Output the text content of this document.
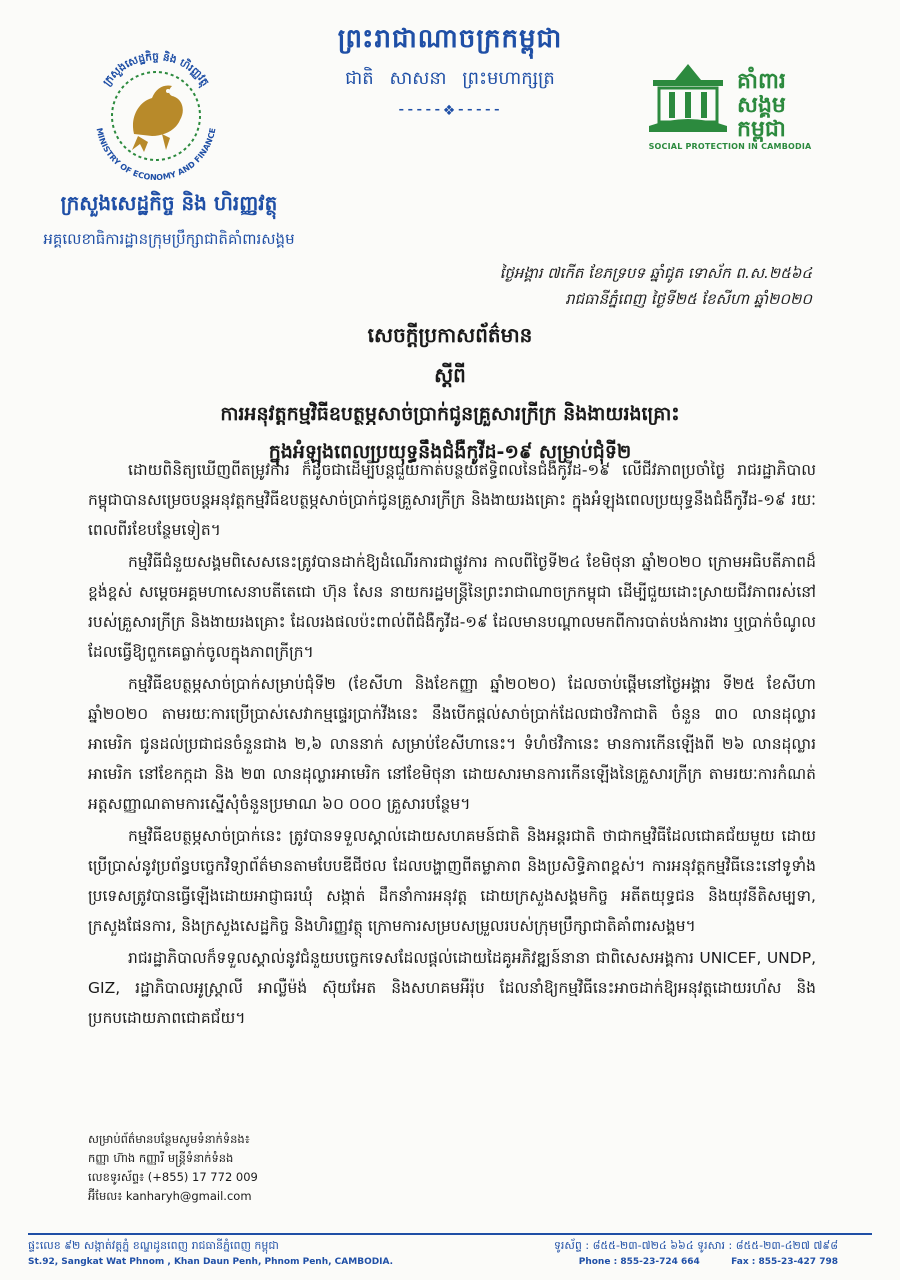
ព្រះរាជាណាចក្រកម្ពុជា
ជាតិ សាសនា ព្រះមហាក្សត្រ
⁃⁃⁃⁃⁃❖⁃⁃⁃⁃⁃
ក្រសួងសេដ្ឋកិច្ច និង ហិរញ្ញវត្ថុ
MINISTRY OF ECONOMY AND FINANCE
ក្រសួងសេដ្ឋកិច្ច និង ហិរញ្ញវត្ថុ
អគ្គលេខាធិការដ្ឋានក្រុមប្រឹក្សាជាតិគាំពារសង្គម
គាំពារ
សង្គម
កម្ពុជា
SOCIAL PROTECTION IN CAMBODIA
ថ្ងៃអង្គារ ៧កើត ខែភទ្របទ ឆ្នាំជូត ទោស័ក ព.ស.២៥៦៤
រាជធានីភ្នំពេញ ថ្ងៃទី២៥ ខែសីហា ឆ្នាំ២០២០
សេចក្តីប្រកាសព័ត៌មាន
ស្តីពី
ការអនុវត្តកម្មវិធីឧបត្ថម្ភសាច់ប្រាក់ជូនគ្រួសារក្រីក្រ និងងាយរងគ្រោះ
ក្នុងអំឡុងពេលប្រយុទ្ធនឹងជំងឺកូវីដ-១៩ សម្រាប់ជុំទី២

ដោយពិនិត្យឃើញពីតម្រូវការ ក៏ដូចជាដើម្បីបន្តជួយកាត់បន្ថយឥទ្ធិពលនៃជំងឺកូវីដ-១៩ លើជីវភាពប្រចាំថ្ងៃ រាជរដ្ឋាភិបាលកម្ពុជាបានសម្រេចបន្តអនុវត្តកម្មវិធីឧបត្ថម្ភសាច់ប្រាក់ជូនគ្រួសារក្រីក្រ និងងាយរងគ្រោះ ក្នុងអំឡុងពេលប្រយុទ្ធនឹងជំងឺកូវីដ-១៩ រយៈពេលពីរខែបន្ថែមទៀត។

កម្មវិធីជំនួយសង្គមពិសេសនេះត្រូវបានដាក់ឱ្យដំណើរការជាផ្លូវការ កាលពីថ្ងៃទី២៤ ខែមិថុនា ឆ្នាំ២០២០ ក្រោមអធិបតីភាពដ៏ខ្ពង់ខ្ពស់ សម្តេចអគ្គមហាសេនាបតីតេជោ ហ៊ុន សែន នាយករដ្ឋមន្ត្រីនៃព្រះរាជាណាចក្រកម្ពុជា ដើម្បីជួយដោះស្រាយជីវភាពរស់នៅរបស់គ្រួសារក្រីក្រ និងងាយរងគ្រោះ ដែលរងផលប៉ះពាល់ពីជំងឺកូវីដ-១៩ ដែលមានបណ្តាលមកពីការបាត់បង់ការងារ ឬប្រាក់ចំណូល ដែលធ្វើឱ្យពួកគេធ្លាក់ចូលក្នុងភាពក្រីក្រ។

កម្មវិធីឧបត្ថម្ភសាច់ប្រាក់សម្រាប់ជុំទី២ (ខែសីហា និងខែកញ្ញា ឆ្នាំ២០២០) ដែលចាប់ផ្តើមនៅថ្ងៃអង្គារ ទី២៥ ខែសីហា ឆ្នាំ២០២០ តាមរយៈការប្រើប្រាស់សេវាកម្មផ្ទេរប្រាក់វីងនេះ នឹងបើកផ្តល់សាច់ប្រាក់ដែលជាថវិកាជាតិ ចំនួន ៣០ លានដុល្លារអាមេរិក ជូនដល់ប្រជាជនចំនួនជាង ២,៦ លាននាក់ សម្រាប់ខែសីហានេះ។ ទំហំថវិកានេះ មានការកើនឡើងពី ២៦ លានដុល្លារអាមេរិក នៅខែកក្កដា និង ២៣ លានដុល្លារអាមេរិក នៅខែមិថុនា ដោយសារមានការកើនឡើងនៃគ្រួសារក្រីក្រ តាមរយៈការកំណត់អត្តសញ្ញាណតាមការស្នើសុំចំនួនប្រមាណ ៦០ ០០០ គ្រួសារបន្ថែម។

កម្មវិធីឧបត្ថម្ភសាច់ប្រាក់នេះ ត្រូវបានទទួលស្គាល់ដោយសហគមន៍ជាតិ និងអន្តរជាតិ ថាជាកម្មវិធីដែលជោគជ័យមួយ ដោយប្រើប្រាស់នូវប្រព័ន្ធបច្ចេកវិទ្យាព័ត៌មានតាមបែបឌីជីថល ដែលបង្ហាញពីតម្លាភាព និងប្រសិទ្ធិភាពខ្ពស់។ ការអនុវត្តកម្មវិធីនេះនៅទូទាំងប្រទេសត្រូវបានធ្វើឡើងដោយអាជ្ញាធរឃុំ សង្កាត់ ដឹកនាំការអនុវត្ត ដោយក្រសួងសង្គមកិច្ច អតីតយុទ្ធជន និងយុវនីតិសម្បទា, ក្រសួងផែនការ, និងក្រសួងសេដ្ឋកិច្ច និងហិរញ្ញវត្ថុ ក្រោមការសម្របសម្រួលរបស់ក្រុមប្រឹក្សាជាតិគាំពារសង្គម។

រាជរដ្ឋាភិបាលក៏ទទួលស្គាល់នូវជំនួយបច្ចេកទេសដែលផ្តល់ដោយដៃគូអភិវឌ្ឍន៍នានា ជាពិសេសអង្គការ UNICEF, UNDP, GIZ, រដ្ឋាភិបាលអូស្ត្រាលី អាល្លឺម៉ង់ ស៊ុយអែត និងសហគមអឺរ៉ុប ដែលនាំឱ្យកម្មវិធីនេះអាចដាក់ឱ្យអនុវត្តដោយរហ័ស និងប្រកបដោយភាពជោគជ័យ។

សម្រាប់ព័ត៌មានបន្ថែមសូមទំនាក់ទំនង៖
កញ្ញា ហ៊ាង កញ្ញារី មន្ត្រីទំនាក់ទំនង
លេខទូរស័ព្ទ៖ (+855) 17 772 009
អ៊ីមែល៖ kanharyh@gmail.com
ផ្ទះលេខ ៩២ សង្កាត់វត្តភ្នំ ខណ្ឌដូនពេញ រាជធានីភ្នំពេញ កម្ពុជា
St.92, Sangkat Wat Phnom , Khan Daun Penh, Phnom Penh, CAMBODIA.
ទូរស័ព្ទ : ៨៥៥-២៣-៧២៤ ៦៦៤ ទូរសារ : ៨៥៥-២៣-៤២៧ ៧៩៨
Phone : 855-23-724 664          Fax : 855-23-427 798
